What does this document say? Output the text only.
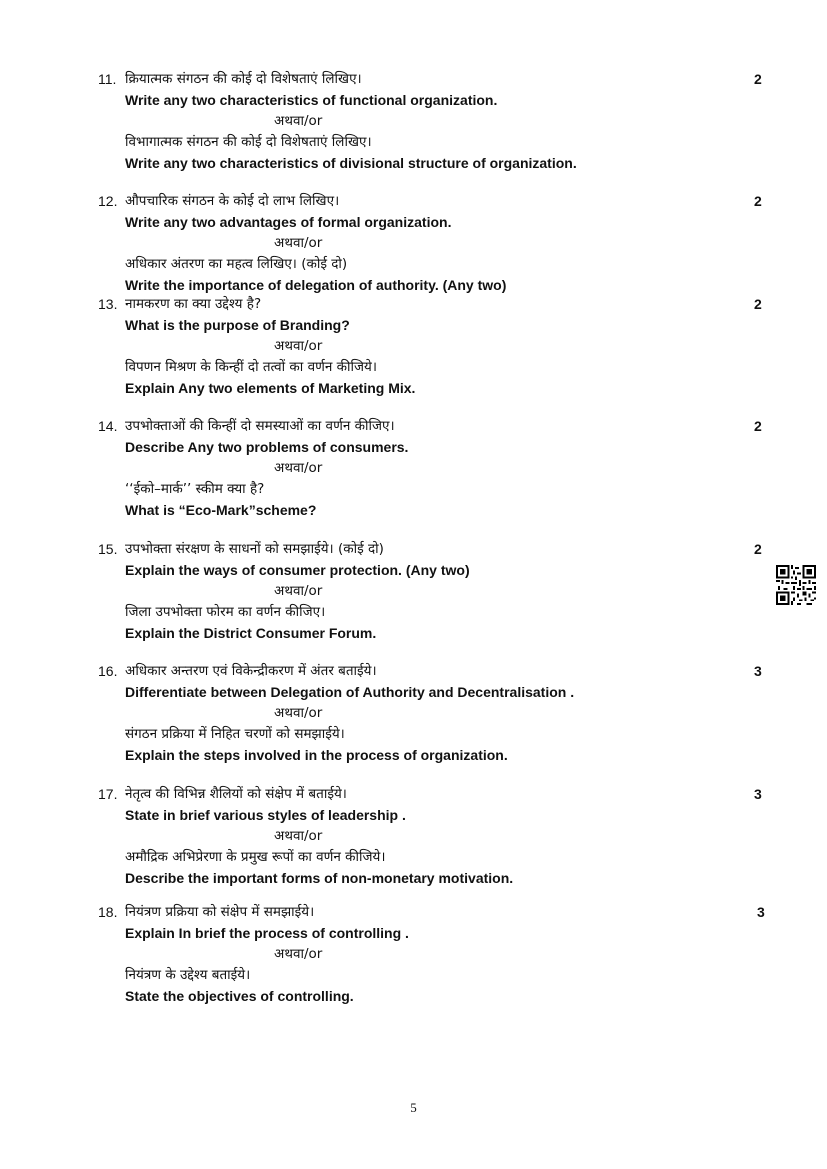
11. क्रियात्मक संगठन की कोई दो विशेषताएं लिखिए।	2
Write any two characteristics of functional organization.
अथवा/or
विभागात्मक संगठन की कोई दो विशेषताएं लिखिए।
Write any two characteristics of divisional structure of organization.
12. औपचारिक संगठन के कोई दो लाभ लिखिए।	2
Write any two advantages of formal organization.
अथवा/or
अधिकार अंतरण का महत्व लिखिए। (कोई दो)
Write the importance of delegation of authority. (Any two)
13. नामकरण का क्या उद्देश्य है?	2
What is the purpose of Branding?
अथवा/or
विपणन मिश्रण के किन्हीं दो तत्वों का वर्णन कीजिये।
Explain Any two elements of Marketing Mix.
14. उपभोक्ताओं की किन्हीं दो समस्याओं का वर्णन कीजिए।	2
Describe Any two problems of consumers.
अथवा/or
‘‘ईको–मार्क’’ स्कीम क्या है?
What is “Eco-Mark”scheme?
15. उपभोक्ता संरक्षण के साधनों को समझाईये। (कोई दो)	2
Explain the ways of consumer protection. (Any two)
अथवा/or
जिला उपभोक्ता फोरम का वर्णन कीजिए।
Explain the District Consumer Forum.
16. अधिकार अन्तरण एवं विकेन्द्रीकरण में अंतर बताईये।	3
Differentiate between Delegation of Authority and Decentralisation .
अथवा/or
संगठन प्रक्रिया में निहित चरणों को समझाईये।
Explain the steps involved in the process of organization.
17. नेतृत्व की विभिन्न शैलियों को संक्षेप में बताईये।	3
State in brief various styles of leadership .
अथवा/or
अमौद्रिक अभिप्रेरणा के प्रमुख रूपों का वर्णन कीजिये।
Describe the important forms of non-monetary motivation.
18. नियंत्रण प्रक्रिया को संक्षेप में समझाईये।	3
Explain In brief the process of controlling .
अथवा/or
नियंत्रण के उद्देश्य बताईये।
State the objectives of controlling.
5
